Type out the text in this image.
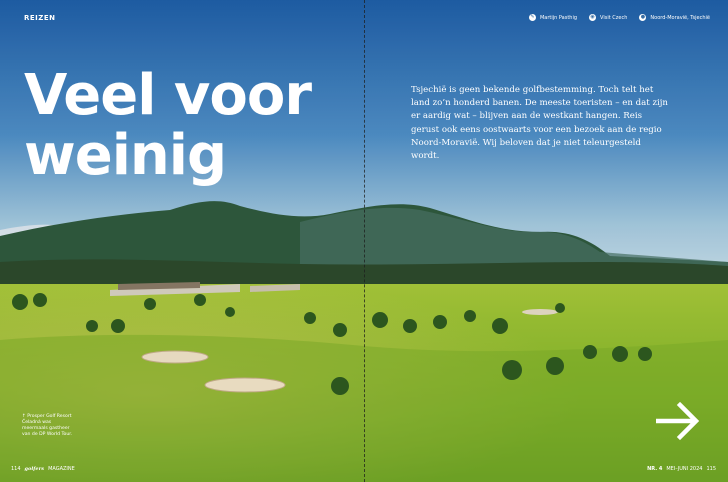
REIZEN	✎ Martijn Pasthig	◉ Visit Czech	● Noord-Moravië, Tsjechië
Veel voor
weinig
Tsjechië is geen bekende golfbestemming. Toch telt het land zo’n honderd banen. De meeste toeristen – en dat zijn er aardig wat – blijven aan de westkant hangen. Reis gerust ook eens oostwaarts voor een bezoek aan de regio Noord-Moravië. Wij beloven dat je niet teleurgesteld wordt.
↑ Prosper Golf Resort Čeladná was meermaals gastheer van de DP World Tour.
114 golfers MAGAZINE	NR. 4 MEI–JUNI 2024 115
